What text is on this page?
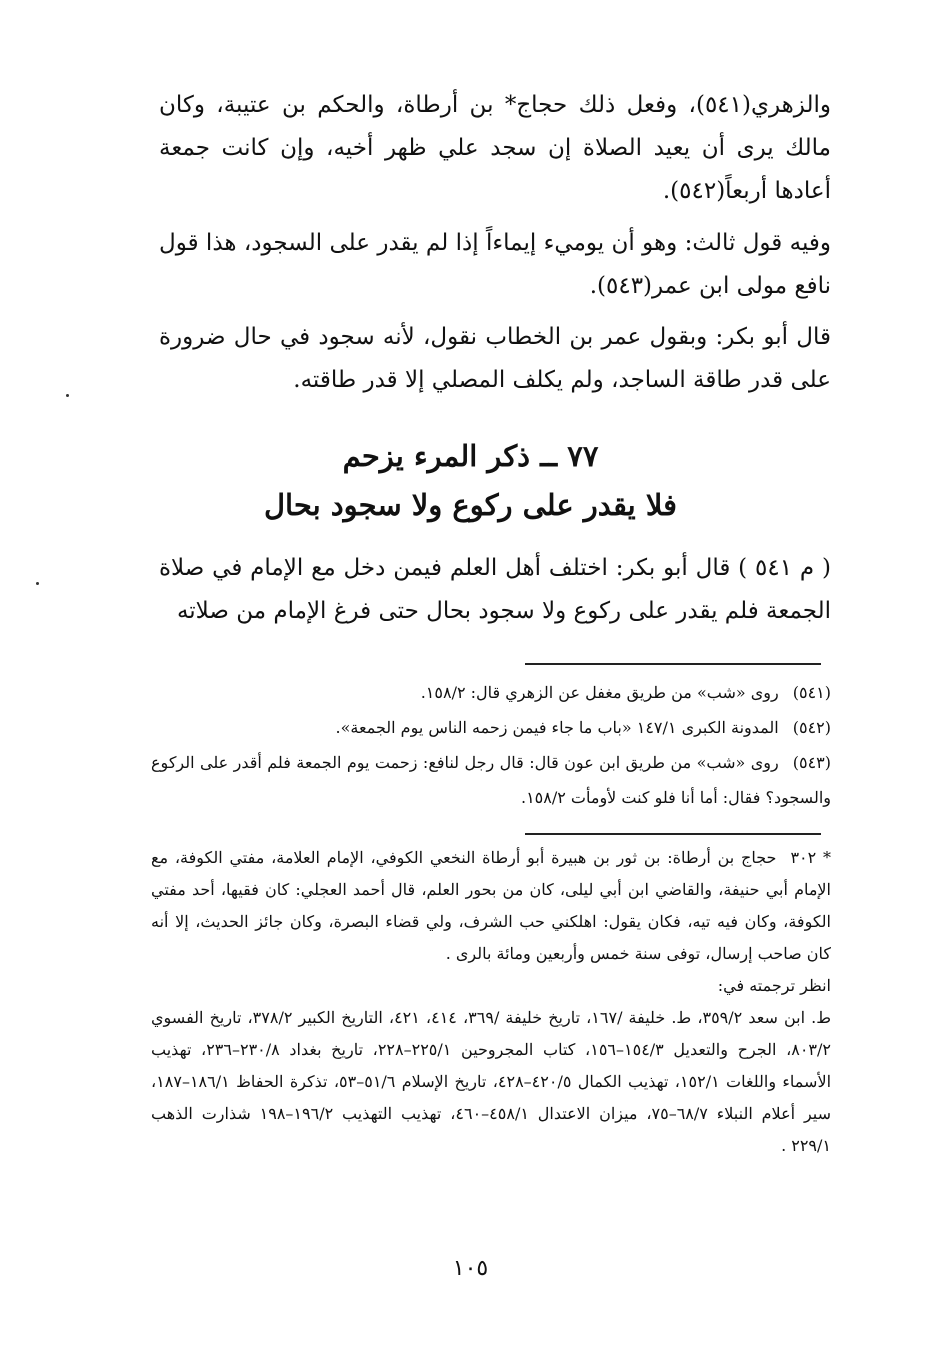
والزهري(٥٤١)، وفعل ذلك حجاج* بن أرطاة، والحكم بن عتيبة، وكان مالك يرى أن يعيد الصلاة إن سجد علي ظهر أخيه، وإن كانت جمعة أعادها أربعاً(٥٤٢).

وفيه قول ثالث: وهو أن يوميء إيماءاً إذا لم يقدر على السجود، هذا قول نافع مولى ابن عمر(٥٤٣).

قال أبو بكر: وبقول عمر بن الخطاب نقول، لأنه سجود في حال ضرورة على قدر طاقة الساجد، ولم يكلف المصلي إلا قدر طاقته.

٧٧ ــ ذكر المرء يزحم
فلا يقدر على ركوع ولا سجود بحال

( م ٥٤١ ) قال أبو بكر: اختلف أهل العلم فيمن دخل مع الإمام في صلاة الجمعة فلم يقدر على ركوع ولا سجود بحال حتى فرغ الإمام من صلاته

(٥٤١)روى «شب» من طريق مغفل عن الزهري قال: ١٥٨/٢.

(٥٤٢)المدونة الكبرى ١٤٧/١ «باب ما جاء فيمن زحمه الناس يوم الجمعة».

(٥٤٣)روى «شب» من طريق ابن عون قال: قال رجل لنافع: زحمت يوم الجمعة فلم أقدر على الركوع والسجود؟ فقال: أما أنا فلو كنت لأومأت ١٥٨/٢.

* ٣٠٢حجاج بن أرطاة: بن ثور بن هبيرة أبو أرطاة النخعي الكوفي، الإمام العلامة، مفتي الكوفة، مع الإمام أبي حنيفة، والقاضي ابن أبي ليلى، كان من بحور العلم، قال أحمد العجلي: كان فقيها، أحد مفتي الكوفة، وكان فيه تيه، فكان يقول: اهلكني حب الشرف، ولي قضاء البصرة، وكان جائز الحديث، إلا أنه كان صاحب إرسال، توفى سنة خمس وأربعين ومائة بالرى .

انظر ترجمته في:

ط. ابن سعد ٣٥٩/٢، ط. خليفة /١٦٧، تاريخ خليفة /٣٦٩، ٤١٤، ٤٢١، التاريخ الكبير ٣٧٨/٢، تاريخ الفسوي ٨٠٣/٢، الجرح والتعديل ١٥٤/٣–١٥٦، كتاب المجروحين ٢٢٥/١–٢٢٨، تاريخ بغداد ٢٣٠/٨–٢٣٦، تهذيب الأسماء واللغات ١٥٢/١، تهذيب الكمال ٤٢٠/٥–٤٢٨، تاريخ الإسلام ٥١/٦–٥٣، تذكرة الحفاظ ١٨٦/١–١٨٧، سير أعلام النبلاء ٦٨/٧–٧٥، ميزان الاعتدال ٤٥٨/١–٤٦٠، تهذيب التهذيب ١٩٦/٢–١٩٨ شذارت الذهب ٢٢٩/١ .

١٠٥
